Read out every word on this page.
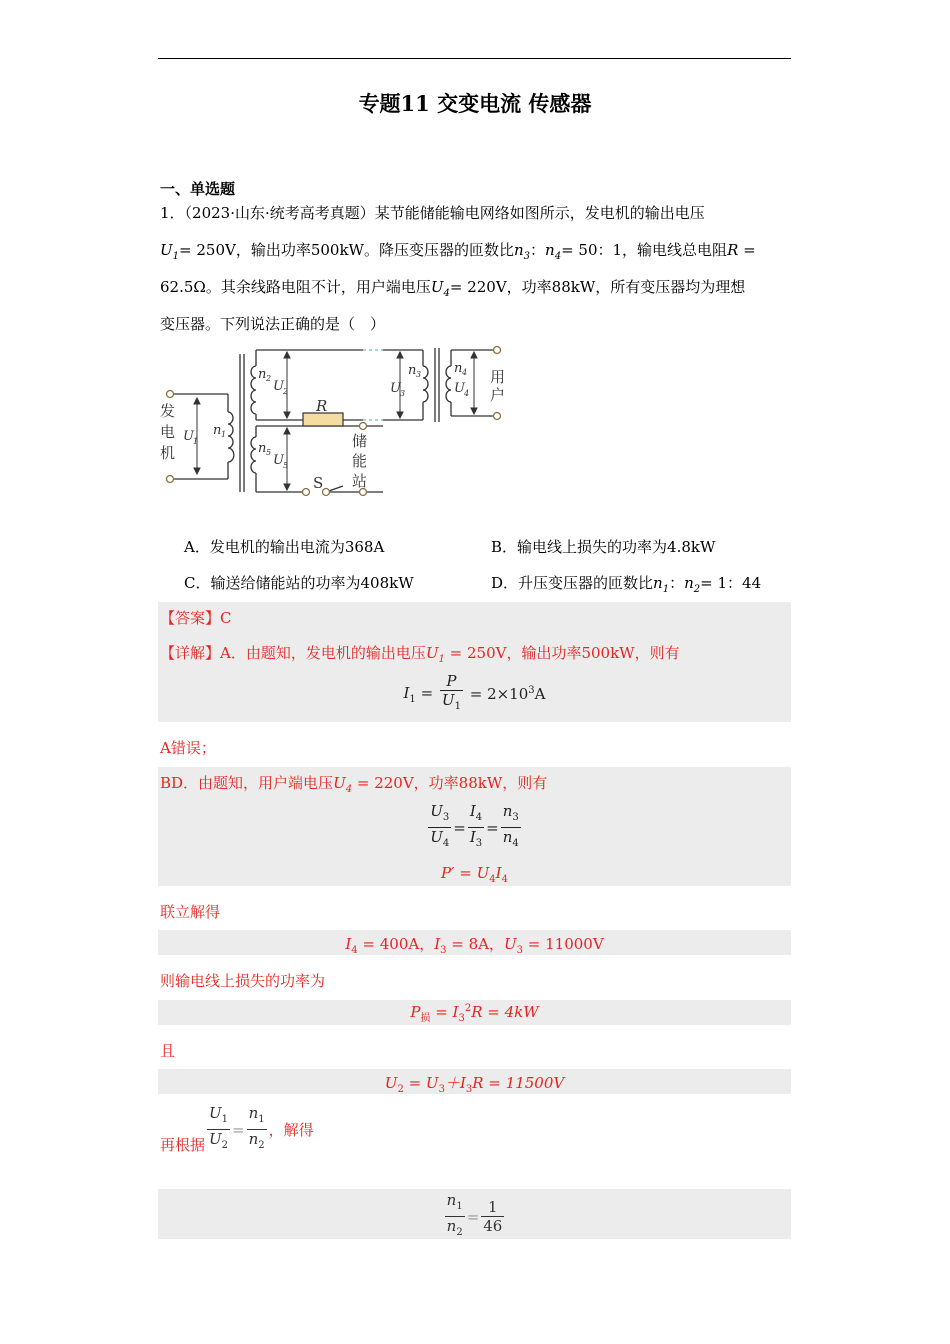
专题11 交变电流 传感器
一、单选题
1．（2023·山东·统考高考真题）某节能储能输电网络如图所示，发电机的输出电压
$U_1= 250V$，输出功率500kW。降压变压器的匝数比$n_3$：$n_4= 50$：1，输电线总电阻R =
62.5Ω。其余线路电阻不计，用户端电压$U_4= 220V$，功率88kW，所有变压器均为理想
变压器。下列说法正确的是（　）
发
电
机
用
户
储
能
站
R
S
U 1
n 1
n 2
U 2
n 5
U 5
U 3
n 3	n 4
U 4
A．发电机的输出电流为368A	B．输电线上损失的功率为4.8kW
C．输送给储能站的功率为408kW	D．升压变压器的匝数比$n_1$：$n_2= 1$：44
【答案】C
【详解】A．由题知，发电机的输出电压$U_1 = 250V$，输出功率500kW，则有
$I_1 = \frac{P}{U_1} = 2\times 10^3A$
A错误；
BD．由题知，用户端电压$U_4 = 220V$，功率88kW，则有
$\frac{U_3}{U_4} = \frac{I_4}{I_3} = \frac{n_3}{n_4}$
$P' = U_4I_4$
联立解得
$I_4 = 400A$，$I_3 = 8A$，$U_3 = 11000V$
则输电线上损失的功率为
$P_损 = I_3^2R = 4kW$
且
$U_2 = U_3+I_3R = 11500V$
再根据 $\frac{U_1}{U_2} = \frac{n_1}{n_2}$ ，解得
$\frac{n_1}{n_2} = \frac{1}{46}$
